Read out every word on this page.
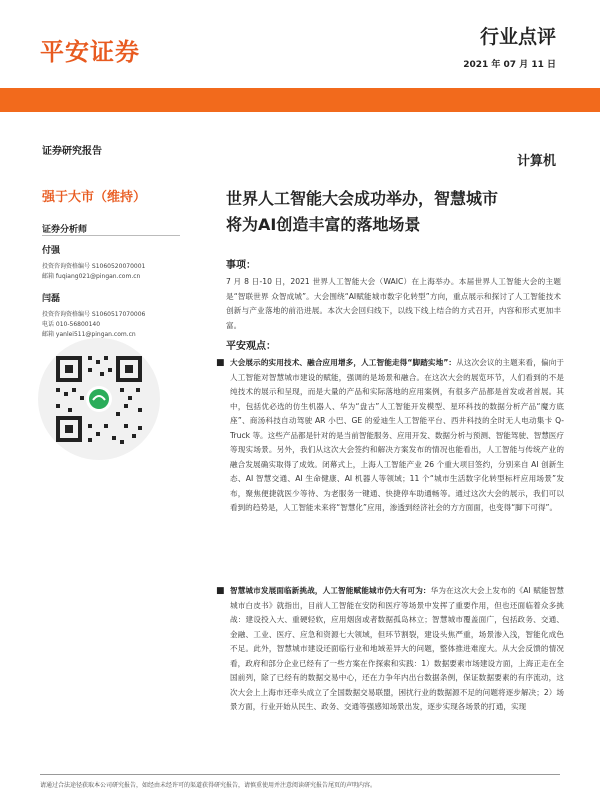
平安证券
行业点评
2021 年 07 月 11 日
证券研究报告
强于大市（维持）
证券分析师
付强
投资咨询资格编号 S1060520070001
邮箱 fuqiang021@pingan.com.cn
闫磊
投资咨询资格编号 S1060517070006
电话 010-56800140
邮箱 yanlei511@pingan.com.cn
计算机
世界人工智能大会成功举办，智慧城市
将为AI创造丰富的落地场景
事项：
7 月 8 日-10 日，2021 世界人工智能大会（WAIC）在上海举办。本届世界人工智能大会的主题是“智联世界 众智成城”。大会围绕“AI赋能城市数字化转型”方向，重点展示和探讨了人工智能技术创新与产业落地的前沿进展。本次大会回归线下，以线下线上结合的方式召开，内容和形式更加丰富。
平安观点：
■ 大会展示的实用技术、融合应用增多，人工智能走得“脚踏实地”：从这次会议的主题来看，偏向于人工智能对智慧城市建设的赋能，强调的是场景和融合。在这次大会的展览环节，人们看到的不是纯技术的展示和呈现，而是大量的产品和实际落地的应用案例，有很多产品都是首发或者首展。其中，包括优必选的仿生机器人、华为“盘古”人工智能开发模型、星环科技的数据分析产品“魔方底座”、商汤科技自动驾驶 AR 小巴、GE 的爱迪生人工智能平台、西井科技的全时无人电动集卡 Q-Truck 等。这些产品都是针对的是当前智能服务、应用开发、数据分析与预测、智能驾驶、智慧医疗等现实场景。另外，我们从这次大会签约和解决方案发布的情况也能看出，人工智能与传统产业的融合发展确实取得了成效。闭幕式上，上海人工智能产业 26 个重大项目签约，分别来自 AI 创新生态、AI 智慧交通、AI 生命健康、AI 机器人等领域；11 个“城市生活数字化转型标杆应用场景”发布，聚焦便捷就医少等待、为老服务一键通、快捷停车助通畅等。通过这次大会的展示，我们可以看到的趋势是，人工智能未来将“智慧化”应用，渗透到经济社会的方方面面，也变得“脚下可得”。
■ 智慧城市发展面临新挑战，人工智能赋能城市仍大有可为：华为在这次大会上发布的《AI 赋能智慧城市白皮书》就指出，目前人工智能在安防和医疗等场景中发挥了重要作用，但也还面临着众多挑战：建设投入大、重硬轻软，应用烟囱或者数据孤岛林立；智慧城市覆盖面广，包括政务、交通、金融、工业、医疗、应急和资源七大领域，但环节割裂，建设头焦严重，场景渗入浅，智能化成色不足。此外，智慧城市建设还面临行业和地域差异大的问题，整体推进难度大。从大会反馈的情况看，政府和部分企业已经有了一些方案在作探索和实践：1）数据要素市场建设方面，上海正走在全国前列，除了已经有的数据交易中心，还在力争年内出台数据条例，保证数据要素的有序流动，这次大会上上海市还牵头成立了全国数据交易联盟，困扰行业的数据源不足的问题将逐步解决；2）场景方面，行业开始从民生、政务、交通等强感知场景出发，逐步实现各场景的打通，实现
请通过合法途径获取本公司研究报告，如经由未经许可的渠道获得研究报告，请慎重使用并注意阅读研究报告尾页的声明内容。
